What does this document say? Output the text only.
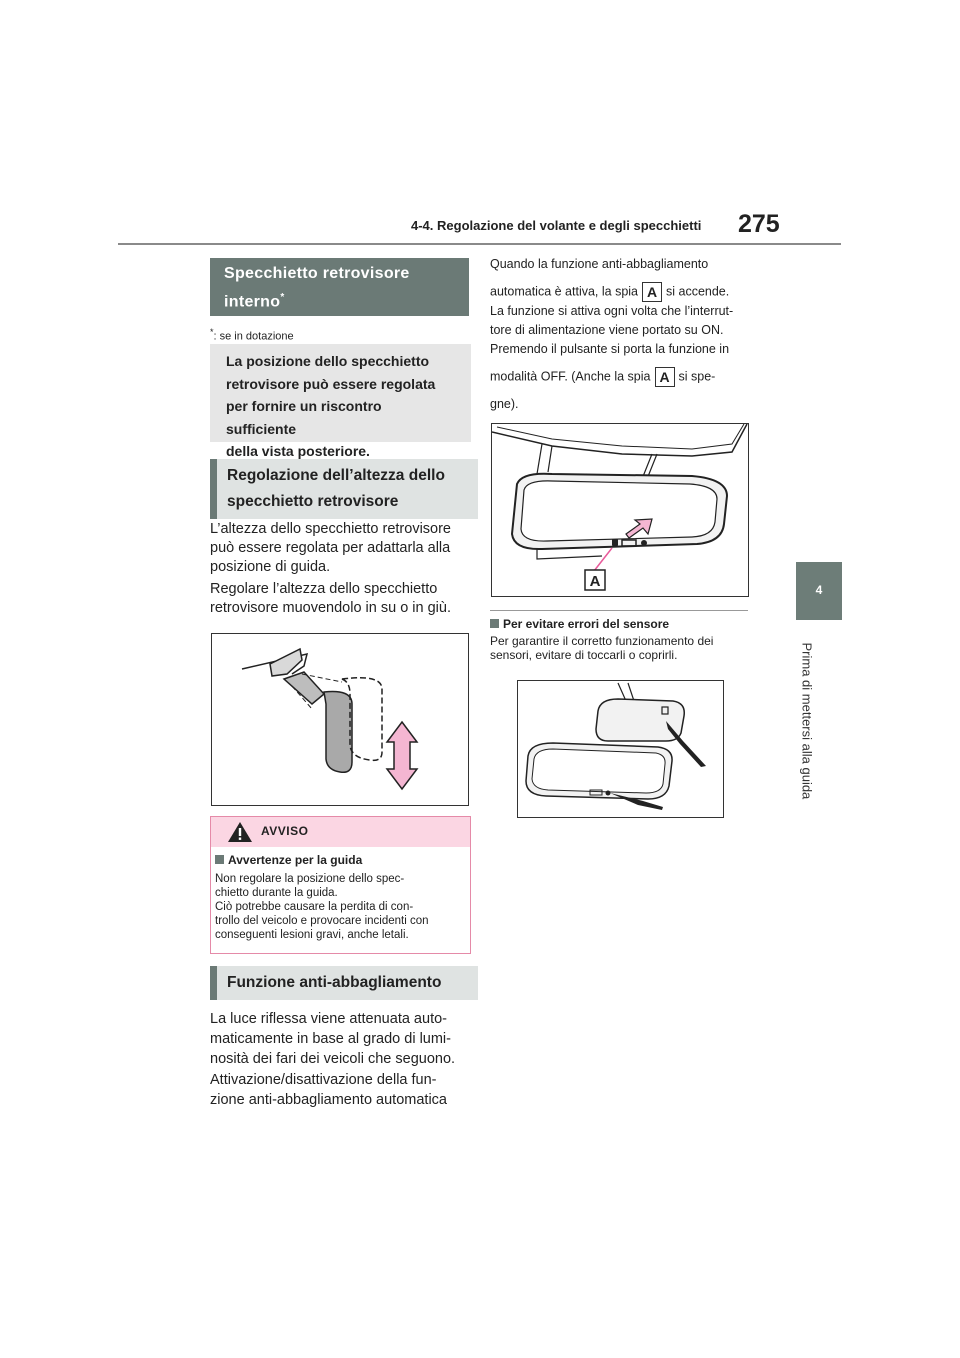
4-4. Regolazione del volante e degli specchietti 275
4
Prima di mettersi alla guida
Specchietto retrovisore interno*
*: se in dotazione
La posizione dello specchietto
retrovisore può essere regolata
per fornire un riscontro sufficiente
della vista posteriore.
Regolazione dell’altezza dello
specchietto retrovisore
L’altezza dello specchietto retrovisore
può essere regolata per adattarla alla
posizione di guida.
Regolare l’altezza dello specchietto
retrovisore muovendolo in su o in giù.
AVVISO
Avvertenze per la guida
Non regolare la posizione dello spec-
chietto durante la guida.
Ciò potrebbe causare la perdita di con-
trollo del veicolo e provocare incidenti con
conseguenti lesioni gravi, anche letali.
Funzione anti-abbagliamento
La luce riflessa viene attenuata auto-
maticamente in base al grado di lumi-
nosità dei fari dei veicoli che seguono.
Attivazione/disattivazione della fun-
zione anti-abbagliamento automatica
Quando la funzione anti-abbagliamento
automatica è attiva, la spia A si accende.
La funzione si attiva ogni volta che l’interrut-
tore di alimentazione viene portato su ON.
Premendo il pulsante si porta la funzione in
modalità OFF. (Anche la spia A si spe-
gne).
A
Per evitare errori del sensore
Per garantire il corretto funzionamento dei
sensori, evitare di toccarli o coprirli.
